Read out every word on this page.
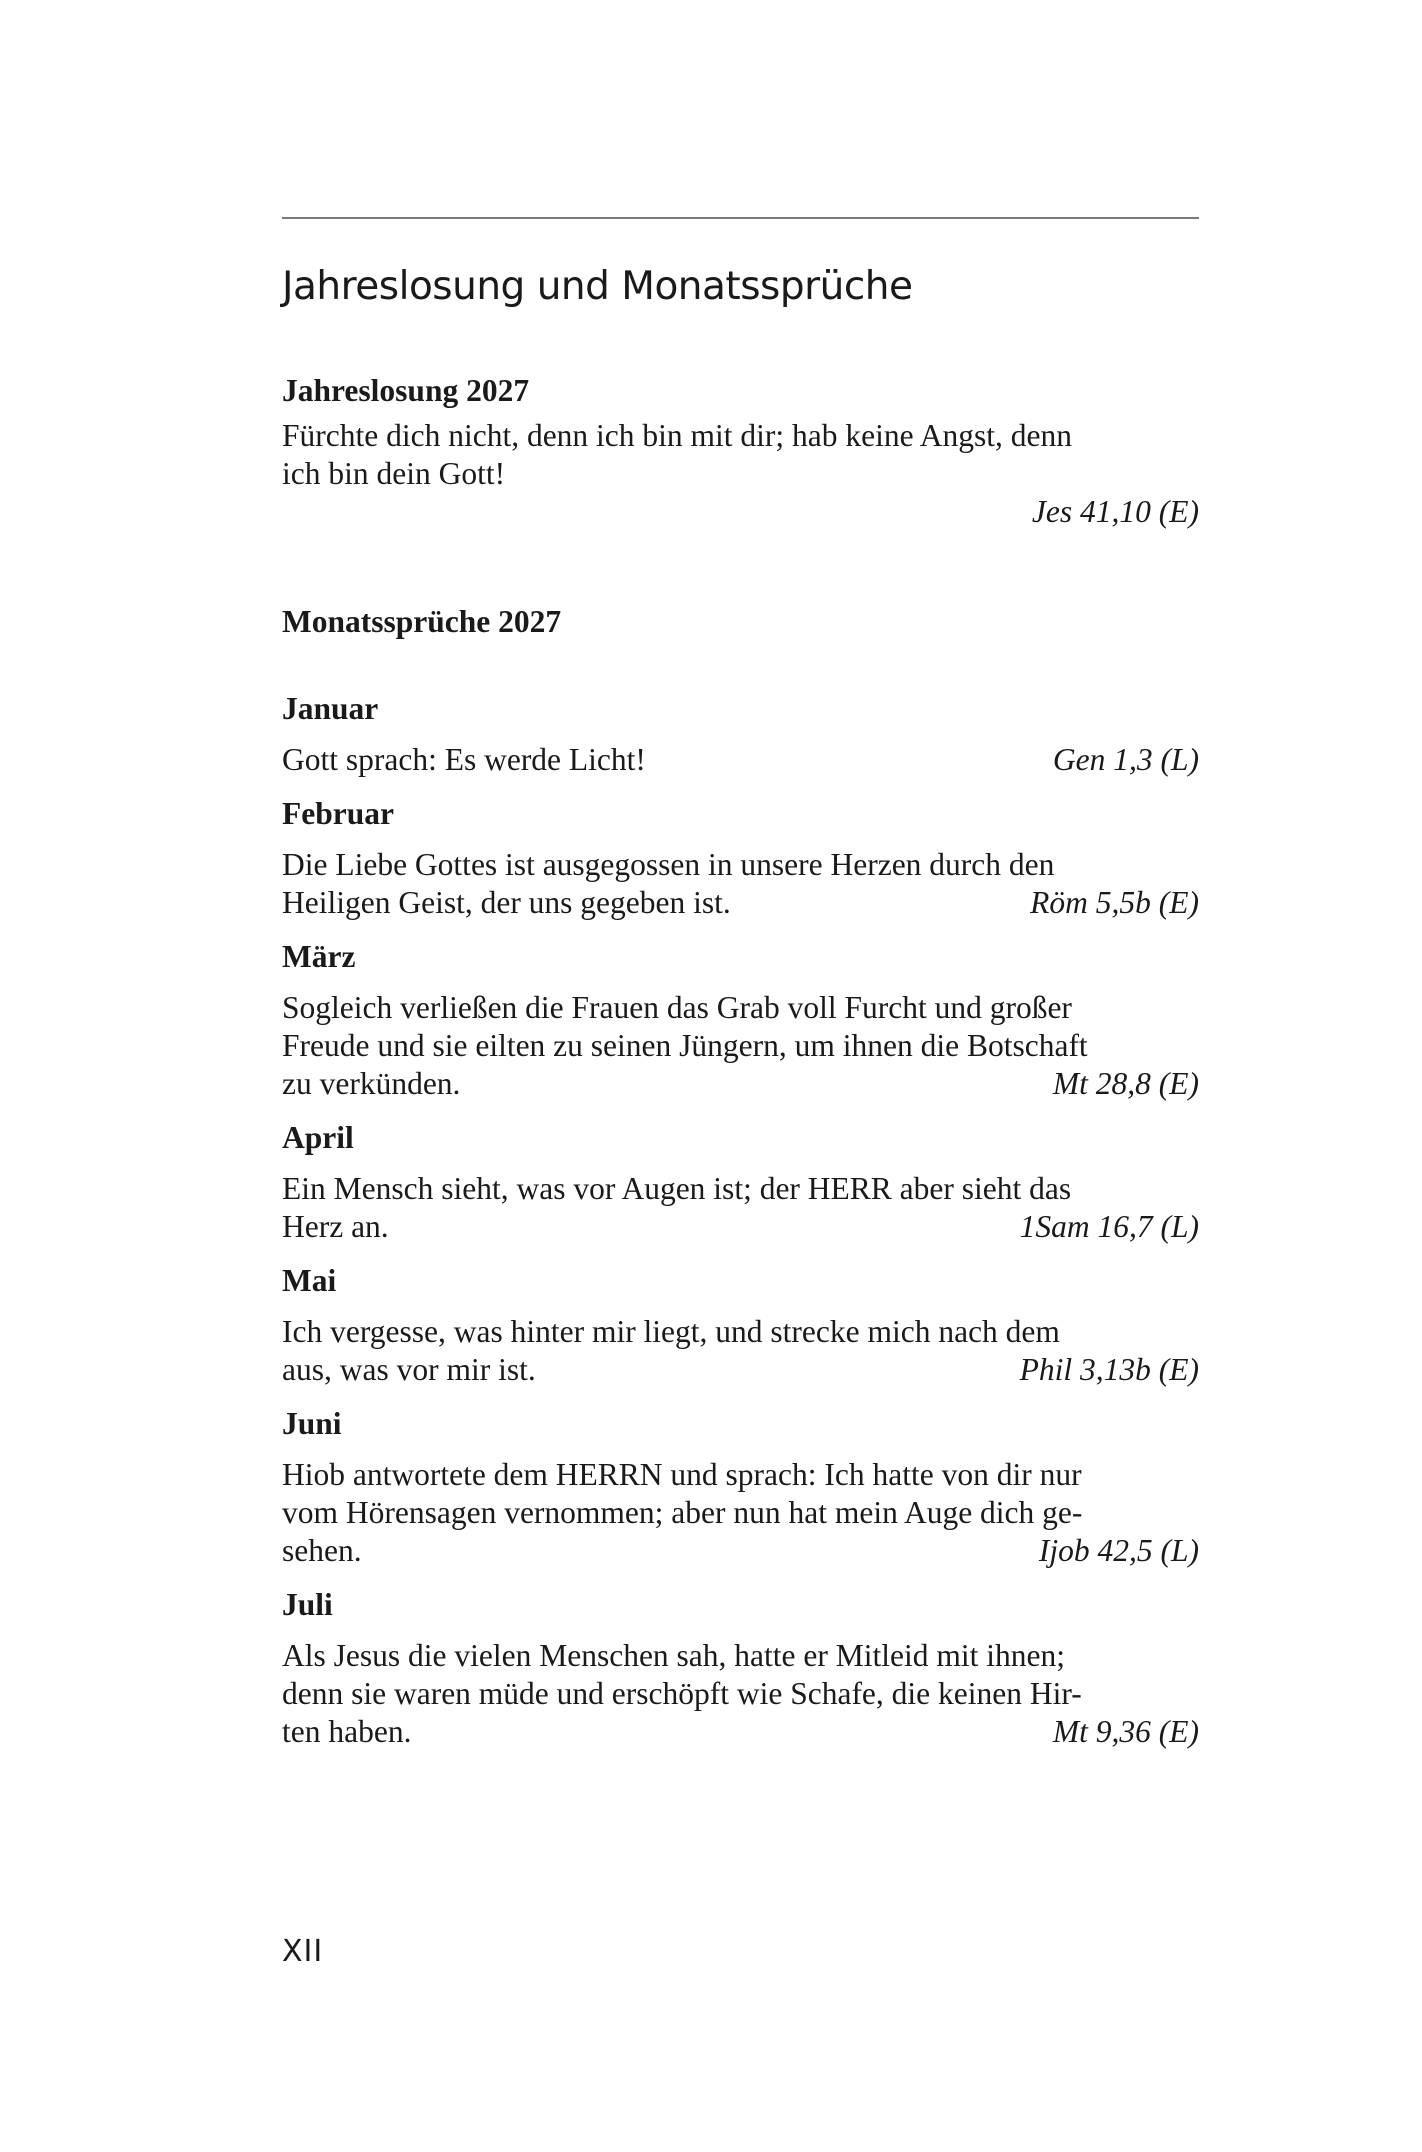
Jahreslosung und Monatssprüche
Jahreslosung 2027

Fürchte dich nicht, denn ich bin mit dir; hab keine Angst, denn
ich bin dein Gott!

Jes 41,10 (E)

Monatssprüche 2027
Januar
Gott sprach: Es werde Licht!	Gen 1,3 (L)
Februar
Die Liebe Gottes ist ausgegossen in unsere Herzen durch den
Heiligen Geist, der uns gegeben ist.	Röm 5,5b (E)
März
Sogleich verließen die Frauen das Grab voll Furcht und großer
Freude und sie eilten zu seinen Jüngern, um ihnen die Botschaft
zu verkünden.	Mt 28,8 (E)
April
Ein Mensch sieht, was vor Augen ist; der HERR aber sieht das
Herz an.	1Sam 16,7 (L)
Mai
Ich vergesse, was hinter mir liegt, und strecke mich nach dem
aus, was vor mir ist.	Phil 3,13b (E)
Juni
Hiob antwortete dem HERRN und sprach: Ich hatte von dir nur
vom Hörensagen vernommen; aber nun hat mein Auge dich ge-
sehen.	Ijob 42,5 (L)
Juli
Als Jesus die vielen Menschen sah, hatte er Mitleid mit ihnen;
denn sie waren müde und erschöpft wie Schafe, die keinen Hir-
ten haben.	Mt 9,36 (E)
XII
